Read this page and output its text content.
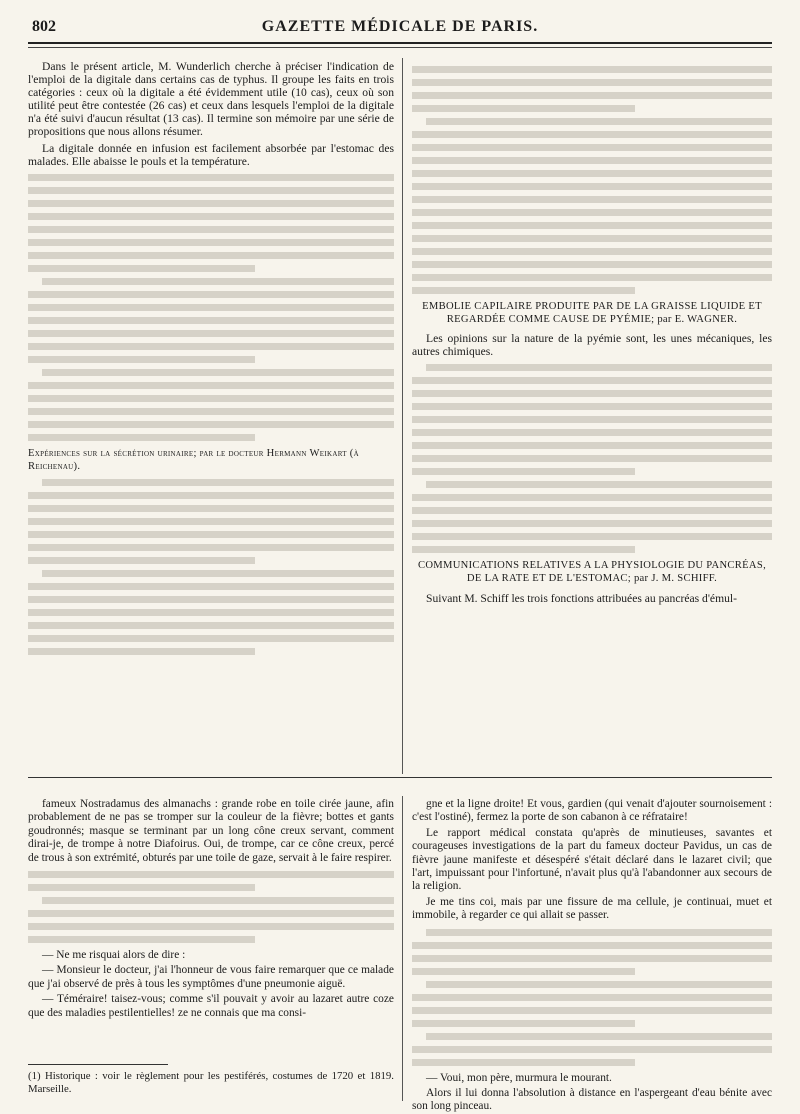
802	GAZETTE MÉDICALE DE PARIS.

Dans le présent article, M. Wunderlich cherche à préciser l'indication de l'emploi de la digitale dans certains cas de typhus. Il groupe les faits en trois catégories : ceux où la digitale a été évidemment utile (10 cas), ceux où son utilité peut être contestée (26 cas) et ceux dans lesquels l'emploi de la digitale n'a été suivi d'aucun résultat (13 cas). Il termine son mémoire par une série de propositions que nous allons résumer.

La digitale donnée en infusion est facilement absorbée par l'estomac des malades. Elle abaisse le pouls et la température.

Expériences sur la sécrétion urinaire; par le docteur Hermann Weikart (à Reichenau).
EMBOLIE CAPILAIRE PRODUITE PAR DE LA GRAISSE LIQUIDE ET REGARDÉE COMME CAUSE DE PYÉMIE; par E. WAGNER.

Les opinions sur la nature de la pyémie sont, les unes mécaniques, les autres chimiques.

COMMUNICATIONS RELATIVES A LA PHYSIOLOGIE DU PANCRÉAS, DE LA RATE ET DE L'ESTOMAC; par J. M. SCHIFF.

Suivant M. Schiff les trois fonctions attribuées au pancréas d'émul-

fameux Nostradamus des almanachs : grande robe en toile cirée jaune, afin probablement de ne pas se tromper sur la couleur de la fièvre; bottes et gants goudronnés; masque se terminant par un long cône creux servant, comment dirai-je, de trompe à notre Diafoirus. Oui, de trompe, car ce cône creux, percé de trous à son extrémité, obturés par une toile de gaze, servait à le faire respirer.

— Ne me risquai alors de dire :

— Monsieur le docteur, j'ai l'honneur de vous faire remarquer que ce malade que j'ai observé de près à tous les symptômes d'une pneumonie aiguë.

— Téméraire! taisez-vous; comme s'il pouvait y avoir au lazaret autre coze que des maladies pestilentielles! ze ne connais que ma consi-

gne et la ligne droite! Et vous, gardien (qui venait d'ajouter sournoisement : c'est l'ostiné), fermez la porte de son cabanon à ce réfrataire!

Le rapport médical constata qu'après de minutieuses, savantes et courageuses investigations de la part du fameux docteur Pavidus, un cas de fièvre jaune manifeste et désespéré s'était déclaré dans le lazaret civil; que l'art, impuissant pour l'infortuné, n'avait plus qu'à l'abandonner aux secours de la religion.

Je me tins coi, mais par une fissure de ma cellule, je continuai, muet et immobile, à regarder ce qui allait se passer.

— Voui, mon père, murmura le mourant.

Alors il lui donna l'absolution à distance en l'aspergeant d'eau bénite avec son long pinceau.

(1) Historique : voir le règlement pour les pestiférés, costumes de 1720 et 1819. Marseille.
